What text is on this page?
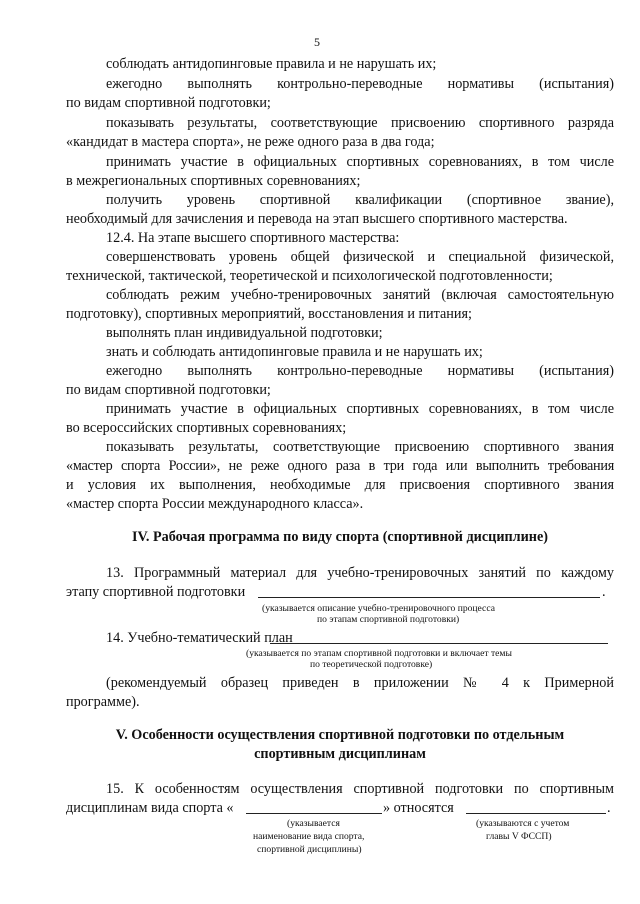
5
соблюдать антидопинговые правила и не нарушать их;
ежегодно выполнять контрольно-переводные нормативы (испытания)
по видам спортивной подготовки;
показывать результаты, соответствующие присвоению спортивного разряда
«кандидат в мастера спорта», не реже одного раза в два года;
принимать участие в официальных спортивных соревнованиях, в том числе
в межрегиональных спортивных соревнованиях;
получить уровень спортивной квалификации (спортивное звание),
необходимый для зачисления и перевода на этап высшего спортивного мастерства.
12.4. На этапе высшего спортивного мастерства:
совершенствовать уровень общей физической и специальной физической,
технической, тактической, теоретической и психологической подготовленности;
соблюдать режим учебно-тренировочных занятий (включая самостоятельную
подготовку), спортивных мероприятий, восстановления и питания;
выполнять план индивидуальной подготовки;
знать и соблюдать антидопинговые правила и не нарушать их;
ежегодно выполнять контрольно-переводные нормативы (испытания)
по видам спортивной подготовки;
принимать участие в официальных спортивных соревнованиях, в том числе
во всероссийских спортивных соревнованиях;
показывать результаты, соответствующие присвоению спортивного звания
«мастер спорта России», не реже одного раза в три года или выполнить требования
и условия их выполнения, необходимые для присвоения спортивного звания
«мастер спорта России международного класса».
IV. Рабочая программа по виду спорта (спортивной дисциплине)
13. Программный материал для учебно-тренировочных занятий по каждому
этапу спортивной подготовки	.
(указывается описание учебно-тренировочного процесса
по этапам спортивной подготовки)
14. Учебно-тематический план
(указывается по этапам спортивной подготовки и включает темы
по теоретической подготовке)
(рекомендуемый образец приведен в приложении № 4 к Примерной
программе).
V. Особенности осуществления спортивной подготовки по отдельным
спортивным дисциплинам
15. К особенностям осуществления спортивной подготовки по спортивным
дисциплинам вида спорта «	» относятся	.
(указывается
наименование вида спорта,
спортивной дисциплины)
(указываются с учетом
главы V ФССП)
